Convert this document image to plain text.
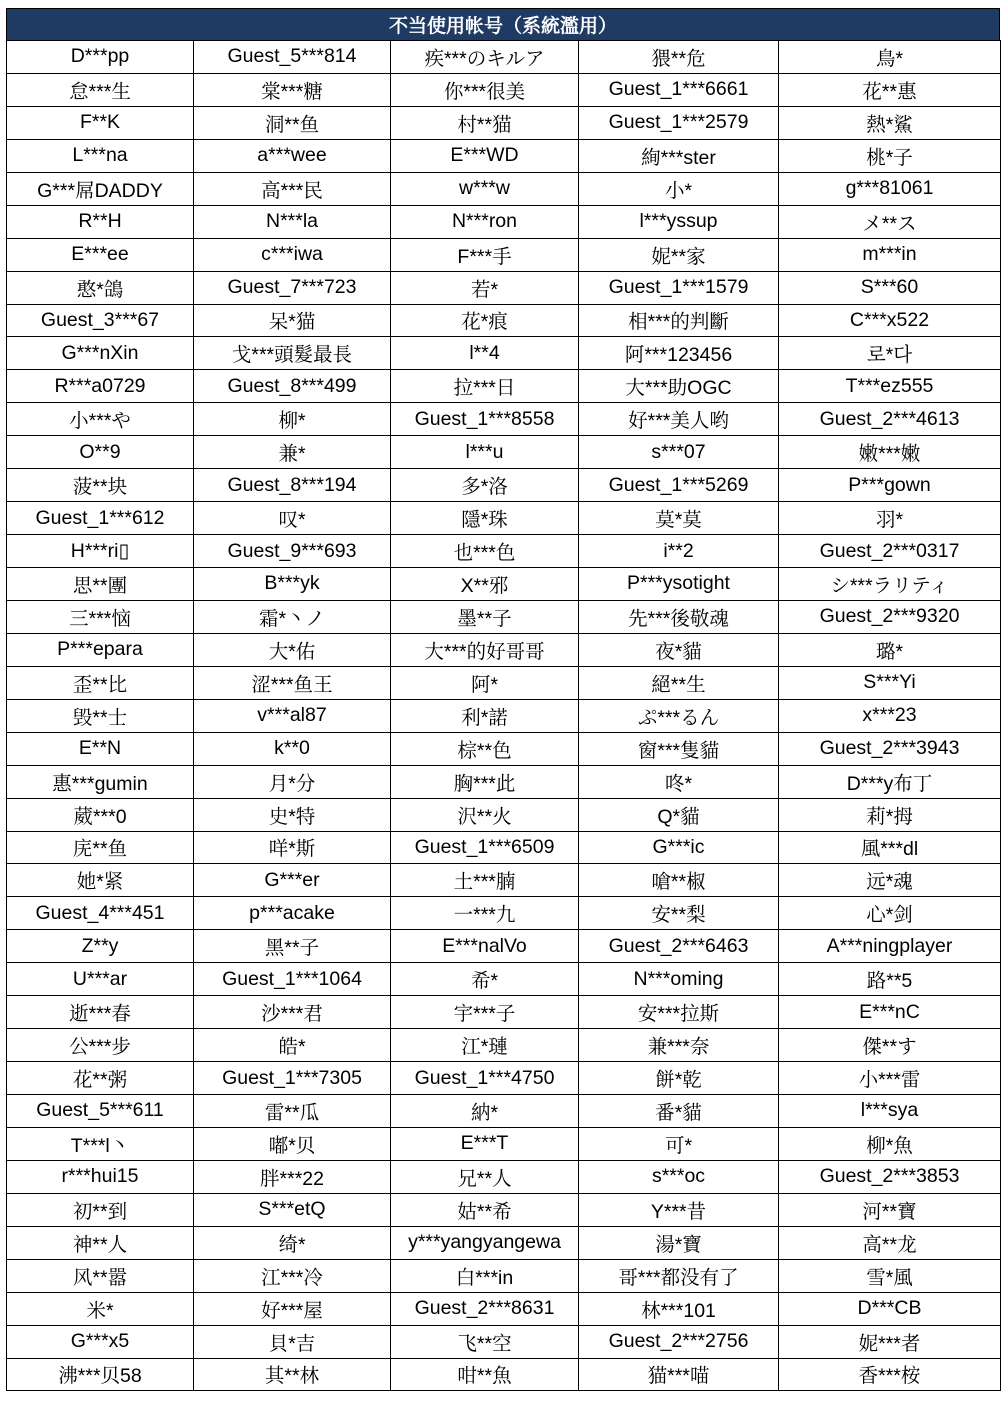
不当使用帐号（系統濫用）
D***pp	Guest_5***814	疾***のキルア	猥**危	鳥*
怠***生	棠***糖	你***很美	Guest_1***6661	花**惠
F**K	洞**鱼	村**猫	Guest_1***2579	熱*鯊
L***na	a***wee	E***WD	絢***ster	桃*子
G***屌DADDY	高***民	w***w	小*	g***81061
R**H	N***la	N***ron	l***yssup	メ**ス
E***ee	c***iwa	F***手	妮**家	m***in
憨*鴿	Guest_7***723	若*	Guest_1***1579	S***60
Guest_3***67	呆*猫	花*痕	相***的判斷	C***x522
G***nXin	戈***頭髮最長	l**4	阿***123456	로*다
R***a0729	Guest_8***499	拉***日	大***助OGC	T***ez555
小***や	柳*	Guest_1***8558	好***美人哟	Guest_2***4613
O**9	兼*	l***u	s***07	嫩***嫩
菠**块	Guest_8***194	多*洛	Guest_1***5269	P***gown
Guest_1***612	叹*	隱*珠	莫*莫	羽*
H***ri▯	Guest_9***693	也***色	i**2	Guest_2***0317
思**團	B***yk	X**邪	P***ysotight	シ***ラリティ
三***恼	霜*丶ノ	墨**子	先***後敬魂	Guest_2***9320
P***epara	大*佑	大***的好哥哥	夜*貓	璐*
歪**比	涩***鱼王	阿*	絕**生	S***Yi
毁**士	v***al87	利*諾	ぷ***るん	x***23
E**N	k**0	棕**色	窗***隻貓	Guest_2***3943
惠***gumin	月*分	胸***此	咚*	D***y布丁
葳***0	史*特	沢**火	Q*貓	莉*拇
庑**鱼	咩*斯	Guest_1***6509	G***ic	風***dl
她*紧	G***er	土***腩	嗆**椒	远*魂
Guest_4***451	p***acake	一***九	安**梨	心*剑
Z**y	黑**子	E***nalVo	Guest_2***6463	A***ningplayer
U***ar	Guest_1***1064	希*	N***oming	路**5
逝***春	沙***君	宇***子	安***拉斯	E***nC
公***步	皓*	江*璉	兼***奈	傑**す
花**粥	Guest_1***7305	Guest_1***4750	餅*乾	小***雷
Guest_5***611	雷**瓜	納*	番*貓	l***sya
T***l丶	嘟*贝	E***T	可*	柳*魚
r***hui15	胖***22	兄**人	s***oc	Guest_2***3853
初**到	S***etQ	姑**希	Y***昔	河**寶
神**人	绮*	y***yangyangewa	湯*寶	高**龙
风**嚣	江***冷	白***in	哥***都没有了	雪*風
米*	好***屋	Guest_2***8631	林***101	D***CB
G***x5	貝*吉	飞**空	Guest_2***2756	妮***者
沸***贝58	其**林	咁**魚	猫***喵	香***桉
